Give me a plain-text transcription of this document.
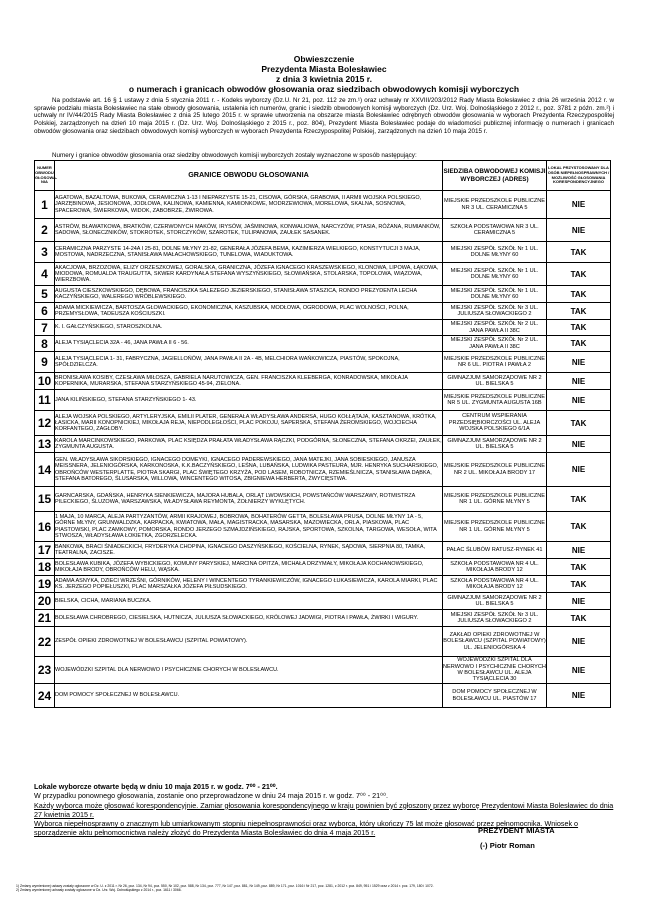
Obwieszczenie
Prezydenta Miasta Bolesławiec
z dnia 3 kwietnia 2015 r.
o numerach i granicach obwodów głosowania oraz siedzibach obwodowych komisji wyborczych
Na podstawie art. 16 § 1 ustawy z dnia 5 stycznia 2011 r. - Kodeks wyborczy (Dz.U. Nr 21, poz. 112 ze zm.¹) oraz uchwały nr XXVIII/203/2012 Rady Miasta Bolesławiec z dnia 26 września 2012 r. w sprawie podziału miasta Bolesławiec na stałe obwody głosowania, ustalenia ich numerów, granic i siedzib obwodowych komisji wyborczych (Dz. Urz. Woj. Dolnośląskiego z 2012 r., poz. 3781 z późn. zm.²) i uchwały nr IV/44/2015 Rady Miasta Bolesławiec z dnia 25 lutego 2015 r. w sprawie utworzenia na obszarze miasta Bolesławiec odrębnych obwodów głosowania w wyborach Prezydenta Rzeczypospolitej Polskiej, zarządzonych na dzień 10 maja 2015 r. (Dz. Urz. Woj. Dolnośląskiego z 2015 r., poz. 804), Prezydent Miasta Bolesławiec podaje do wiadomości publicznej informację o numerach i granicach obwodów głosowania oraz siedzibach obwodowych komisji wyborczych w wyborach Prezydenta Rzeczypospolitej Polskiej, zarządzonych na dzień 10 maja 2015 r.
Numery i granice obwodów głosowania oraz siedziby obwodowych komisji wyborczych zostały wyznaczone w sposób następujący:
NUMER OBWODU GŁOSOWA-NIA	GRANICE OBWODU GŁOSOWANIA	SIEDZIBA OBWODOWEJ KOMISJI WYBORCZEJ (ADRES)	LOKAL PRZYSTOSOWANY DLA OSÓB NIEPEŁNOSPRAWNYCH / MOŻLIWOŚĆ GŁOSOWANIA KORESPONDENCYJNEGO
1	AGATOWA, BAZALTOWA, BUKOWA, CERAMICZNA 1-13 I NIEPARZYSTE 15-21, CISOWA, GÓRSKA, GRABOWA, II ARMII WOJSKA POLSKIEGO, JARZĘBINOWA, JESIONOWA, JODŁOWA, KALINOWA, KAMIENNA, KAMIONKOWE, MODRZEWIOWA, MORELOWA, SKALNA, SOSNOWA, SPACEROWA, ŚWIERKOWA, WIDOK, ZABOBRZE, ŻWIROWA.	MIEJSKIE PRZEDSZKOLE PUBLICZNE NR 3 UL. CERAMICZNA 5	NIE
2	ASTRÓW, BŁAWATKOWA, BRATKÓW, CZERWONYCH MAKÓW, IRYSÓW, JAŚMINOWA, KONWALIOWA, NARCYZÓW, PTASIA, RÓŻANA, RUMIANKÓW, SADOWA, SŁONECZNIKÓW, STOKROTEK, STORCZYKÓW, SZAROTEK, TULIPANOWA, ZAUŁEK SASANEK.	SZKOŁA PODSTAWOWA NR 3 UL. CERAMICZNA 5	NIE
3	CERAMICZNA PARZYSTE 14-24A I 25-81, DOLNE MŁYNY 21-82, GENERAŁA JÓZEFA BEMA, KAZIMIERZA WIELKIEGO, KONSTYTUCJI 3 MAJA, MOSTOWA, NADRZECZNA, STANISŁAWA MAŁACHOWSKIEGO, TUNELOWA, WIADUKTOWA.	MIEJSKI ZESPÓŁ SZKÓŁ Nr 1 UL. DOLNE MŁYNY 60	TAK
4	AKACJOWA, BRZOZOWA, ELIZY ORZESZKOWEJ, GORALSKA, GRANICZNA, JÓZEFA IGNACEGO KRASZEWSKIEGO, KLONOWA, LIPOWA, ŁĄKOWA, MIODOWA, ROMUALDA TRAUGUTTA, SKWER KARDYNAŁA STEFANA WYSZYŃSKIEGO, SŁOWIAŃSKA, STOLARSKA, TOPOLOWA, WIĄZOWA, WIERZBOWA.	MIEJSKI ZESPÓŁ SZKÓŁ Nr 1 UL. DOLNE MŁYNY 60	TAK
5	AUGUSTA CIESZKOWSKIEGO, DĘBOWA, FRANCISZKA SALEZEGO JEZIERSKIEGO, STANISŁAWA STASZICA, RONDO PREZYDENTA LECHA KACZYŃSKIEGO, WALEREGO WRÓBLEWSKIEGO.	MIEJSKI ZESPÓŁ SZKÓŁ Nr 1 UL. DOLNE MŁYNY 60	TAK
6	ADAMA MICKIEWICZA, BARTOSZA GŁOWACKIEGO, EKONOMICZNA, KASZUBSKA, MODŁOWA, OGRODOWA, PLAC WOLNOŚCI, POLNA, PRZEMYSŁOWA, TADEUSZA KOŚCIUSZKI.	MIEJSKI ZESPÓŁ SZKÓŁ Nr 3 UL. JULIUSZA SŁOWACKIEGO 2	TAK
7	K. I. GAŁCZYŃSKIEGO, STAROSZKOLNA.	MIEJSKI ZESPÓŁ SZKÓŁ Nr 2 UL. JANA PAWŁA II 38C	TAK
8	ALEJA TYSIĄCLECIA 32A - 46, JANA PAWŁA II 6 - 56.	MIEJSKI ZESPÓŁ SZKÓŁ Nr 2 UL. JANA PAWŁA II 38C	TAK
9	ALEJA TYSIĄCLECIA 1- 31, FABRYCZNA, JAGIELLOŃÓW, JANA PAWŁA II 2A - 4B, MELCHIORA WAŃKOWICZA, PIASTÓW, SPOKOJNA, SPÓŁDZIELCZA.	MIEJSKIE PRZEDSZKOLE PUBLICZNE NR 6 UL. PIOTRA I PAWŁA 2	NIE
10	BRONISŁAWA KOSIBY, CZESŁAWA MIŁOSZA, GABRIELA NARUTOWICZA, GEN. FRANCISZKA KLEEBERGA, KONRADOWSKA, MIKOŁAJA KOPERNIKA, MURARSKA, STEFANA STARZYŃSKIEGO 45-94, ZIELONA.	GIMNAZJUM SAMORZĄDOWE NR 2 UL. BIELSKA 5	NIE
11	JANA KILIŃSKIEGO, STEFANA STARZYŃSKIEGO 1- 43.	MIEJSKIE PRZEDSZKOLE PUBLICZNE NR 5 UL. ZYGMUNTA AUGUSTA 16B	NIE
12	ALEJA WOJSKA POLSKIEGO, ARTYLERYJSKA, EMILII PLATER, GENERAŁA WŁADYSŁAWA ANDERSA, HUGO KOŁŁĄTAJA, KASZTANOWA, KRÓTKA, ŁASICKA, MARII KONOPNICKIEJ, MIKOŁAJA REJA, NIEPODLEGŁOŚCI, PLAC POKOJU, SAPERSKA, STEFANA ŻEROMSKIEGO, WOJCIECHA KORFANTEGO, ZAGŁOBY.	CENTRUM WSPIERANIA PRZEDSIĘBIORCZOŚCI UL. ALEJA WOJSKA POLSKIEGO 6/1A	TAK
13	KAROLA MARCINKOWSKIEGO, PARKOWA, PLAC KSIĘDZA PRAŁATA WŁADYSŁAWA RĄCZKI, PODGÓRNA, SŁONECZNA, STEFANA OKRZEI, ZAUŁEK, ZYGMUNTA AUGUSTA.	GIMNAZJUM SAMORZĄDOWE NR 2 UL. BIELSKA 5	NIE
14	GEN. WŁADYSŁAWA SIKORSKIEGO, IGNACEGO DOMEYKI, IGNACEGO PADEREWSKIEGO, JANA MATEJKI, JANA SOBIESKIEGO, JANUSZA MEISSNERA, JELENIOGÓRSKA, KARKONOSKA, K.K.BACZYŃSKIEGO, LEŚNA, LUBAŃSKA, LUDWIKA PASTEURA, MJR. HENRYKA SUCHARSKIEGO, OBROŃCÓW WESTERPLATTE, PIOTRA SKARGI, PLAC ŚWIĘTEGO KRZYŻA, POD LASEM, ROBOTNICZA, RZEMIEŚLNICZA, STANISŁAWA DĄBKA, STEFANA BATOREGO, ŚLUSARSKA, WILLOWA, WINCENTEGO WITOSA, ZBIGNIEWA HERBERTA, ŻWYCIĘSTWA.	MIEJSKIE PRZEDSZKOLE PUBLICZNE NR 2 UL. MIKOŁAJA BRODY 17	NIE
15	GARNCARSKA, GDAŃSKA, HENRYKA SIENKIEWICZA, MAJORA HUBALA, ORLĄT LWOWSKICH, POWSTAŃCÓW WARSZAWY, ROTMISTRZA PILECKIEGO, ŚLUZOWA, WARSZAWSKA, WŁADYSŁAWA REYMONTA, ŻOŁNIERZY WYKLĘTYCH.	MIEJSKIE PRZEDSZKOLE PUBLICZNE NR 1 UL. GÓRNE MŁYNY 5	TAK
16	1 MAJA, 10 MARCA, ALEJA PARTYZANTÓW, ARMII KRAJOWEJ, BOBROWA, BOHATERÓW GETTA, BOLESŁAWA PRUSA, DOLNE MŁYNY 1A - 5, GÓRNE MŁYNY, GRUNWALDZKA, KARPACKA, KWIATOWA, MAŁA, MAGISTRACKA, MASARSKA, MAZOWIECKA, ORLA, PIASKOWA, PLAC PIASTOWSKI, PLAC ZAMKOWY, POMORSKA, RONDO JERZEGO SZMAJDZIŃSKIEGO, RAJSKA, SPORTOWA, SZKOLNA, TARGOWA, WESOŁA, WITA STWOSZA, WŁADYSŁAWA ŁOKIETKA, ZGORZELECKA.	MIEJSKIE PRZEDSZKOLE PUBLICZNE NR 1 UL. GÓRNE MŁYNY 5	TAK
17	BANKOWA, BRACI ŚNIADECKICH, FRYDERYKA CHOPINA, IGNACEGO DASZYŃSKIEGO, KOŚCIELNA, RYNEK, SĄDOWA, SIERPNIA 80, TAMKA, TEATRALNA, ZACISZE.	PAŁAC ŚLUBÓW RATUSZ-RYNEK 41	NIE
18	BOLESŁAWA KUBIKA, JÓZEFA WYBICKIEGO, KOMUNY PARYSKIEJ, MARCINA OPITZA, MICHAŁA DRZYMAŁY, MIKOŁAJA KOCHANOWSKIEGO, MIKOŁAJA BRODY, OBROŃCÓW HELU, WĄSKA.	SZKOŁA PODSTAWOWA NR 4 UL. MIKOŁAJA BRODY 12	TAK
19	ADAMA ASNYKA, DZIECI WRZEŚNI, GÓRNIKÓW, HELENY I WINCENTEGO TYRANKIEWICZÓW, IGNACEGO ŁUKASIEWICZA, KAROLA MIARKI, PLAC KS. JERZEGO POPIEŁUSZKI, PLAC MARSZAŁKA JÓZEFA PIŁSUDSKIEGO.	SZKOŁA PODSTAWOWA NR 4 UL. MIKOŁAJA BRODY 12	TAK
20	BIELSKA, CICHA, MARIANA BUCZKA.	GIMNAZJUM SAMORZĄDOWE NR 2 UL. BIELSKA 5	NIE
21	BOLESŁAWA CHROBREGO, CIESIELSKA, HUTNICZA, JULIUSZA SŁOWACKIEGO, KRÓLOWEJ JADWIGI, PIOTRA I PAWŁA, ŻWIRKI I WIGURY.	MIEJSKI ZESPÓŁ SZKÓŁ Nr 3 UL. JULIUSZA SŁOWACKIEGO 2	TAK
22	ZESPÓŁ OPIEKI ZDROWOTNEJ W BOLESŁAWCU (SZPITAL POWIATOWY).	ZAKŁAD OPIEKI ZDROWOTNEJ W BOLESŁAWCU (SZPITAL POWIATOWY) UL. JELENIOGÓRSKA 4	NIE
23	WOJEWÓDZKI SZPITAL DLA NERWOWO I PSYCHICZNIE CHORYCH W BOLESŁAWCU.	WOJEWÓDZKI SZPITAL DLA NERWOWO I PSYCHICZNIE CHORYCH W BOLESŁAWCU UL. ALEJA TYSIĄCLECIA 30	NIE
24	DOM POMOCY SPOŁECZNEJ W BOLESŁAWCU.	DOM POMOCY SPOŁECZNEJ W BOLESŁAWCU UL. PIASTÓW 17	NIE
Lokale wyborcze otwarte będą w dniu 10 maja 2015 r. w godz. 7⁰⁰ - 21⁰⁰.
W przypadku ponownego głosowania, zostanie ono przeprowadzone w dniu 24 maja 2015 r. w godz. 7⁰⁰ - 21⁰⁰.
Każdy wyborca może głosować korespondencyjnie. Zamiar głosowania korespondencyjnego w kraju powinien być zgłoszony przez wyborcę Prezydentowi Miasta Bolesławiec do dnia 27 kwietnia 2015 r.
Wyborca niepełnosprawny o znacznym lub umiarkowanym stopniu niepełnosprawności oraz wyborca, który ukończy 75 lat może głosować przez pełnomocnika. Wniosek o sporządzenie aktu pełnomocnictwa należy złożyć do Prezydenta Miasta Bolesławiec do dnia 4 maja 2015 r.	PREZYDENT MIASTA
(-) Piotr Roman
1) Zmiany wymienionej ustawy zostały ogłoszone w Dz. U. z 2011 r. Nr 26, poz. 134, Nr 94, poz. 550, Nr 102, poz. 588, Nr 134, poz. 777, Nr 147, poz. 881, Nr 149, poz. 889, Nr 171, poz. 1016 i Nr 217, poz. 1281, z 2012 r. poz. 849, 951 i 1529 oraz z 2014 r. poz. 179, 180 i 1072.
2) Zmiany wymienionej uchwały zostały ogłoszone w Dz. Urz. Woj. Dolnośląskiego z 2014 r., poz. 1611 i 3066.
